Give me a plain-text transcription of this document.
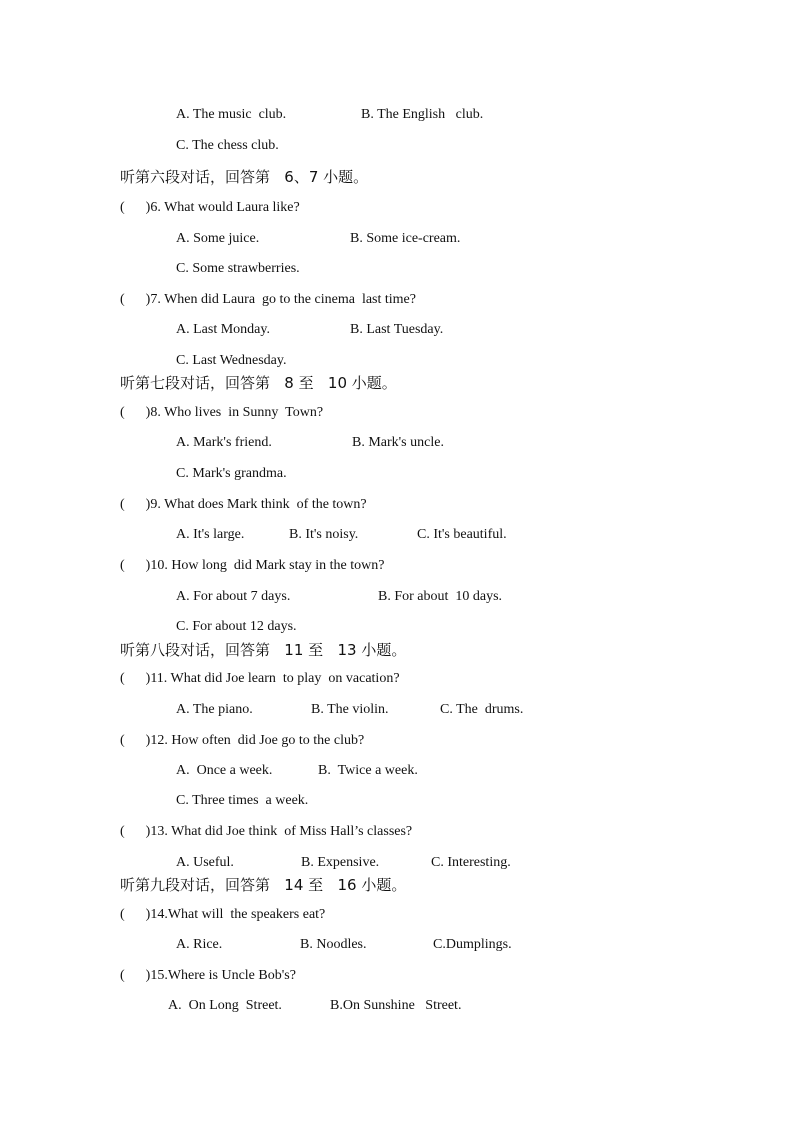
A. The music  club.	B. The English   club.
C. The chess club.
听第六段对话，回答第   6、7 小题。
(      )6. What would Laura like?
A. Some juice.	B. Some ice-cream.
C. Some strawberries.
(      )7. When did Laura  go to the cinema  last time?
A. Last Monday.	B. Last Tuesday.
C. Last Wednesday.
听第七段对话，回答第   8 至   10 小题。
(      )8. Who lives  in Sunny  Town?
A. Mark's friend.	B. Mark's uncle.
C. Mark's grandma.
(      )9. What does Mark think  of the town?
A. It's large.	B. It's noisy.	C. It's beautiful.
(      )10. How long  did Mark stay in the town?
A. For about 7 days.	B. For about  10 days.
C. For about 12 days.
听第八段对话，回答第   11 至   13 小题。
(      )11. What did Joe learn  to play  on vacation?
A. The piano.	B. The violin.	C. The  drums.
(      )12. How often  did Joe go to the club?
A.  Once a week.	B.  Twice a week.
C. Three times  a week.
(      )13. What did Joe think  of Miss Hall’s classes?
A. Useful.	B. Expensive.	C. Interesting.
听第九段对话，回答第   14 至   16 小题。
(      )14.What will  the speakers eat?
A. Rice.	B. Noodles.	C.Dumplings.
(      )15.Where is Uncle Bob's?
A.  On Long  Street.	B.On Sunshine   Street.
